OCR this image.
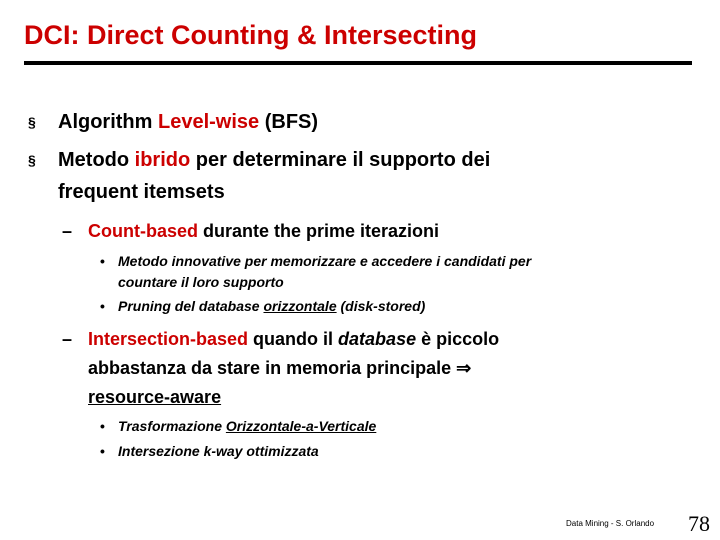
DCI: Direct Counting & Intersecting
§ Algorithm Level-wise (BFS)
§ Metodo ibrido per determinare il supporto dei
frequent itemsets
– Count-based durante the prime iterazioni
• Metodo innovative per memorizzare e accedere i candidati per
countare il loro supporto
• Pruning del database orizzontale (disk-stored)
– Intersection-based quando il database è piccolo
abbastanza da stare in memoria principale ⇒
resource-aware
• Trasformazione Orizzontale-a-Verticale
• Intersezione k-way ottimizzata
Data Mining - S. Orlando 78
